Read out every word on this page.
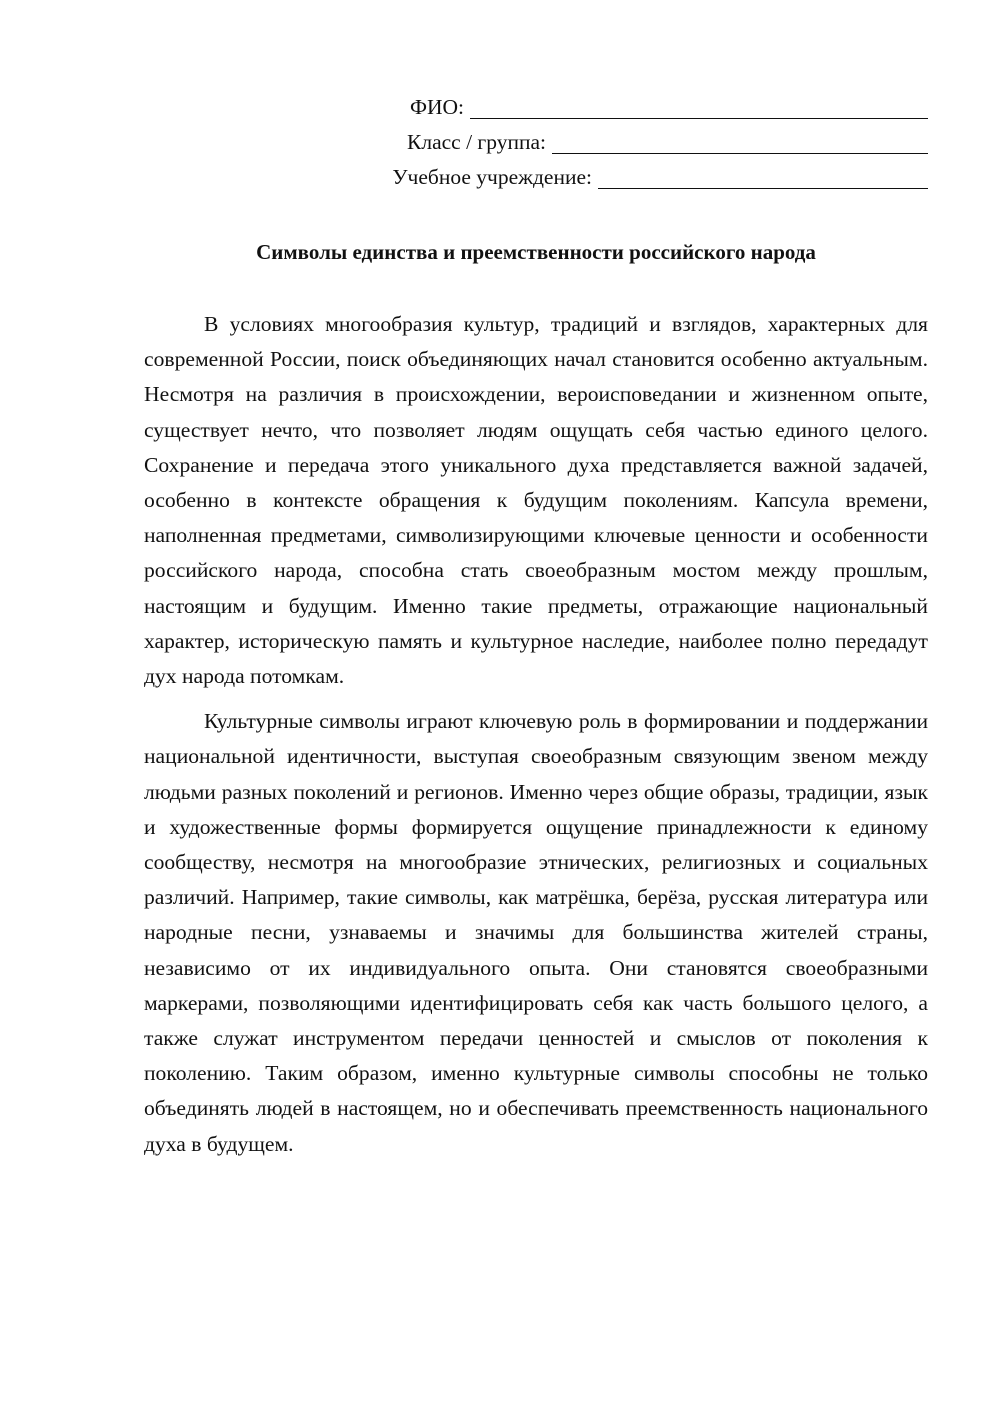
ФИО:
Класс / группа:
Учебное учреждение:
Символы единства и преемственности российского народа

В условиях многообразия культур, традиций и взглядов, характерных для современной России, поиск объединяющих начал становится особенно актуальным. Несмотря на различия в происхождении, вероисповедании и жизненном опыте, существует нечто, что позволяет людям ощущать себя частью единого целого. Сохранение и передача этого уникального духа представляется важной задачей, особенно в контексте обращения к будущим поколениям. Капсула времени, наполненная предметами, символизирующими ключевые ценности и особенности российского народа, способна стать своеобразным мостом между прошлым, настоящим и будущим. Именно такие предметы, отражающие национальный характер, историческую память и культурное наследие, наиболее полно передадут дух народа потомкам.

Культурные символы играют ключевую роль в формировании и поддержании национальной идентичности, выступая своеобразным связующим звеном между людьми разных поколений и регионов. Именно через общие образы, традиции, язык и художественные формы формируется ощущение принадлежности к единому сообществу, несмотря на многообразие этнических, религиозных и социальных различий. Например, такие символы, как матрёшка, берёза, русская литература или народные песни, узнаваемы и значимы для большинства жителей страны, независимо от их индивидуального опыта. Они становятся своеобразными маркерами, позволяющими идентифицировать себя как часть большого целого, а также служат инструментом передачи ценностей и смыслов от поколения к поколению. Таким образом, именно культурные символы способны не только объединять людей в настоящем, но и обеспечивать преемственность национального духа в будущем.
